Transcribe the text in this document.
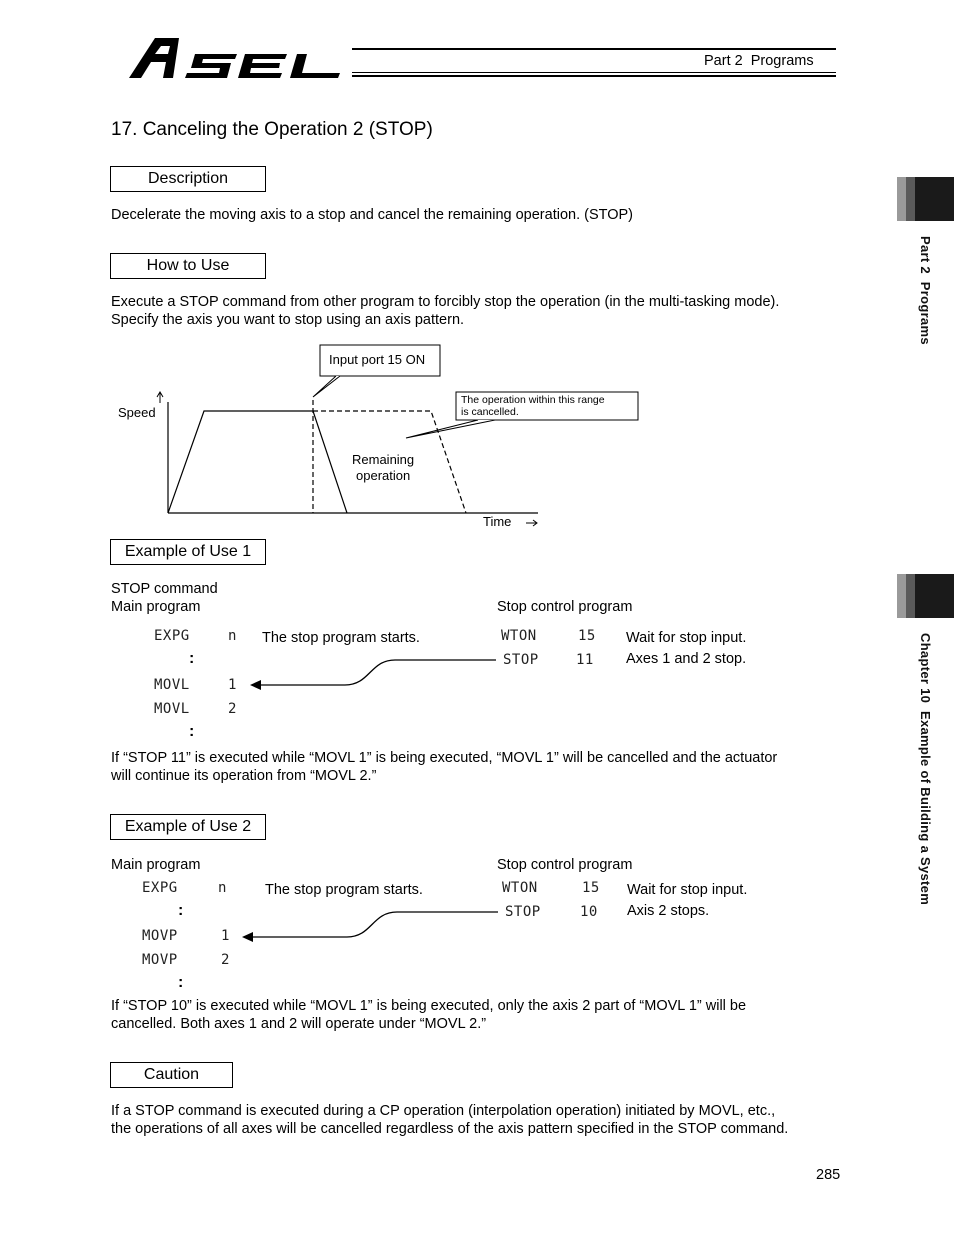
Part 2  Programs
17. Canceling the Operation 2 (STOP)
Description
Decelerate the moving axis to a stop and cancel the remaining operation. (STOP)
How to Use
Execute a STOP command from other program to forcibly stop the operation (in the multi-tasking mode).
Specify the axis you want to stop using an axis pattern.
Input port 15 ON
The operation within this range
is cancelled.
Speed
Remaining
operation
Time
Example of Use 1
STOP command
Main program	Stop control program
EXPG	n The stop program starts.
:
MOVL	1
MOVL	2
:
WTON	15 Wait for stop input.
STOP	11 Axes 1 and 2 stop.
If “STOP 11” is executed while “MOVL 1” is being executed, “MOVL 1” will be cancelled and the actuator
will continue its operation from “MOVL 2.”
Example of Use 2
Main program	Stop control program
EXPG	n	The stop program starts.
:
MOVP	1
MOVP	2
:
WTON	15 Wait for stop input.
STOP	10 Axis 2 stops.
If “STOP 10” is executed while “MOVL 1” is being executed, only the axis 2 part of “MOVL 1” will be
cancelled. Both axes 1 and 2 will operate under “MOVL 2.”
Caution
If a STOP command is executed during a CP operation (interpolation operation) initiated by MOVL, etc.,
the operations of all axes will be cancelled regardless of the axis pattern specified in the STOP command.
285
Part 2  Programs
Chapter 10  Example of Building a System
